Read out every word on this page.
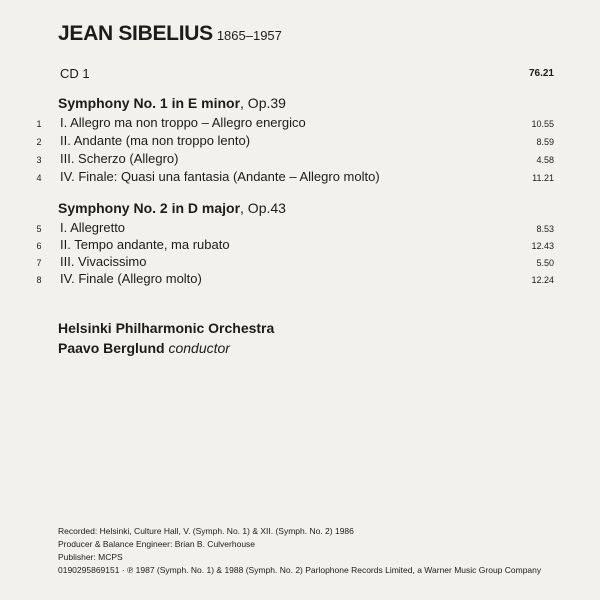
JEAN SIBELIUS 1865–1957
CD 1	76.21
Symphony No. 1 in E minor, Op.39
1	I. Allegro ma non troppo – Allegro energico	10.55
2	II. Andante (ma non troppo lento)	8.59
3	III. Scherzo (Allegro)	4.58
4	IV. Finale: Quasi una fantasia (Andante – Allegro molto)	11.21
Symphony No. 2 in D major, Op.43
5	I. Allegretto	8.53
6	II. Tempo andante, ma rubato	12.43
7	III. Vivacissimo	5.50
8	IV. Finale (Allegro molto)	12.24
Helsinki Philharmonic Orchestra
Paavo Berglund conductor
Recorded: Helsinki, Culture Hall, V. (Symph. No. 1) & XII. (Symph. No. 2) 1986
Producer & Balance Engineer: Brian B. Culverhouse
Publisher: MCPS
0190295869151 · ℗ 1987 (Symph. No. 1) & 1988 (Symph. No. 2) Parlophone Records Limited, a Warner Music Group Company
